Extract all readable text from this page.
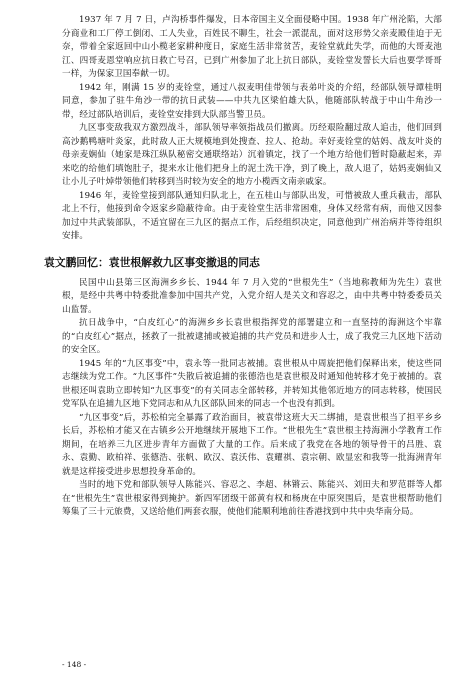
1937 年 7 月 7 日，卢沟桥事件爆发，日本帝国主义全面侵略中国。1938 年广州沦陷，大部分商业和工厂停工倒闭、工人失业，百姓民不聊生，社会一派混乱，面对这形势父亲麦殿佳迫于无奈，带着全家返回中山小榄老家耕种度日，家庭生活非常贫苦，麦铨堂就此失学，而他的大哥麦池江、四哥麦恩堂响应抗日救亡号召，已到广州参加了北上抗日部队，麦铨堂发誓长大后也要学哥哥一样，为保家卫国奉献一切。

1942 年，刚满 15 岁的麦铨堂，通过八叔麦明佳带领与表弟叶炎的介绍，经部队领导谭桂明同意，参加了驻牛角沙一带的抗日武装——中共九区梁伯雄大队，他随部队转战于中山牛角沙一带，经过部队培训后，麦铨堂安排到大队部当警卫员。

九区事变敌我双方激烈战斗，部队领导率领指战员们撤离。历经艰险翻过敌人追击，他们回到高沙鹅鸭塘叶炎家，此时敌人正大规模地到处搜查、拉人、抢劫。幸好麦铨堂的姑妈、战友叶炎的母亲麦娴仙（她家是珠江纵队秘密交通联络站）沉着镇定，找了一个地方给他们暂时隐蔽起来，弄来吃的给他们填饱肚子，提来水让他们把身上的泥土洗干净，到了晚上，敌人退了，姑妈麦娴仙又让小儿子叶焯带领他们转移到当时较为安全的地方小榄西文南亲戚家。

1946 年，麦铨堂接到部队通知归队北上，在五桂山与部队出发，可惜被敌人重兵截击，部队北上不行，他接到命令返家乡隐蔽待命。由于麦铨堂生活非常困难，身体又经常有病，而他又因参加过中共武装部队，不适宜留在三九区的据点工作，后经组织决定，同意他到广州治病并等待组织安排。

袁文鹏回忆：袁世根解救九区事变撤退的同志

民国中山县第三区海洲乡乡长、1944 年 7 月入党的“世根先生”（当地称教师为先生）袁世根，是经中共粤中特委批准参加中国共产党，入党介绍人是关文和容忍之，由中共粤中特委委员关山监誓。

抗日战争中，“白皮红心”的海洲乡乡长袁世根指挥党的部署建立和一直坚持的海洲这个牢靠的“白皮红心”据点，拯救了一批被逮捕或被追捕的共产党员和进步人士，成了我党三九区地下活动的安全区。

1945 年的“九区事变”中，袁永等一批同志被捕。袁世根从中周旋把他们保释出来，使这些同志继续为党工作。“九区事件”失散后被追捕的张德浩也是袁世根及时通知他转移才免于被捕的。袁世根还叫袁助立即转知“九区事变”的有关同志全部转移，并转知其他邻近地方的同志转移，使国民党军队在追捕九区地下党同志和从九区部队回来的同志一个也没有抓到。

“九区事变”后，苏松柏完全暴露了政治面目，被袁带这班大天二绑捕，是袁世根当了担平乡乡长后，苏松柏才能又在古镇乡公开地继续开展地下工作。“世根先生”袁世根主持海洲小学教育工作期间，在培养三九区进步青年方面做了大量的工作。后来成了我党在各地的领导骨干的吕胜、袁永、袁勤、欧柏祥、张德浩、张帆、欧汉、袁沃伟、袁耀祺、袁宗朝、欧显宏和我等一批海洲青年就是这样接受进步思想投身革命的。

当时的地下党和部队领导人陈能兴、容忍之、李超、林锵云、陈能兴、刘田夫和罗范群等人都在“世根先生”袁世根家得到掩护。新四军团级干部黄有权和杨庚在中原突围后，是袁世根帮助他们筹集了三十元旅费，又送给他们两套衣服，使他们能顺利地前往香港找到中共中央华南分局。

- 148 -
